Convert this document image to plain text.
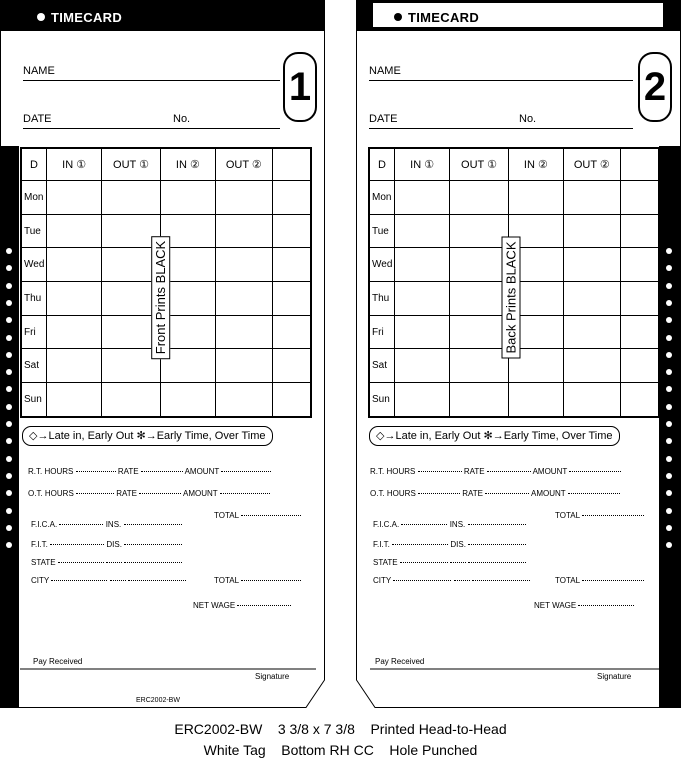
TIMECARD
NAME
DATE	No.
1
D	IN ①	OUT ①	IN ②	OUT ②	
Mon					
Tue					
Wed					
Thu					
Fri					
Sat					
Sun					
Front Prints BLACK
◇→Late in, Early Out ✻→Early Time, Over Time
R.T. HOURS	RATE	AMOUNT
O.T. HOURS	RATE	AMOUNT
TOTAL
F.I.C.A.	INS.
F.I.T.	DIS.
STATE
CITY	TOTAL
NET WAGE
Pay Received
Signature
ERC2002-BW
TIMECARD
NAME
DATE	No.
2
D	IN ①	OUT ①	IN ②	OUT ②	
Mon					
Tue					
Wed					
Thu					
Fri					
Sat					
Sun					
Back Prints BLACK
◇→Late in, Early Out ✻→Early Time, Over Time
R.T. HOURS	RATE	AMOUNT
O.T. HOURS	RATE	AMOUNT
TOTAL
F.I.C.A.	INS.
F.I.T.	DIS.
STATE
CITY	TOTAL
NET WAGE
Pay Received
Signature
ERC2002-BW    3 3/8 x 7 3/8    Printed Head-to-Head
White Tag    Bottom RH CC    Hole Punched
